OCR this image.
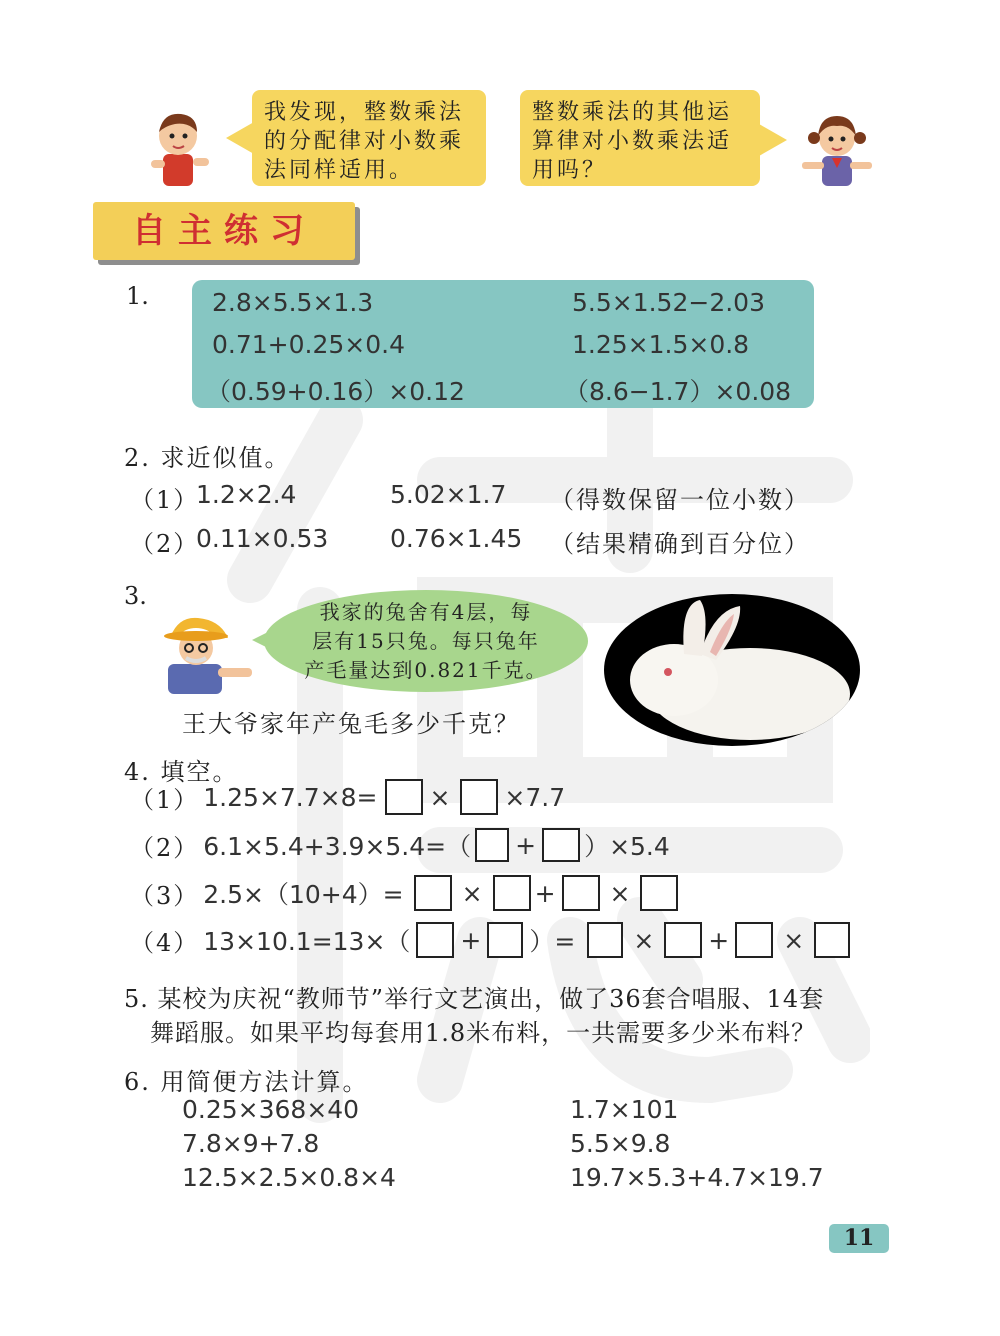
我发现，整数乘法
的分配律对小数乘
法同样适用。
整数乘法的其他运
算律对小数乘法适
用吗？
自主练习
1.	2.8×5.5×1.3	5.5×1.52−2.03
0.71+0.25×0.4	1.25×1.5×0.8
（0.59+0.16）×0.12	（8.6−1.7）×0.08
2. 求近似值。
（1）
1.2×2.4	5.02×1.7 （得数保留一位小数）
（2）
0.11×0.53 0.76×1.45 （结果精确到百分位）
3.
我家的兔舍有4层，每
层有15只兔。每只兔年
产毛量达到0.821千克。
王大爷家年产兔毛多少千克？
4. 填空。
（1） 1.25×7.7×8= × ×7.7
（2） 6.1×5.4+3.9×5.4=（ + ）×5.4
（3） 2.5×（10+4）= × + ×
（4） 13×10.1=13×（ + ）= × + ×
5. 某校为庆祝“教师节”举行文艺演出，做了36套合唱服、14套
舞蹈服。如果平均每套用1.8米布料，一共需要多少米布料？
6. 用简便方法计算。
0.25×368×40	1.7×101
7.8×9+7.8	5.5×9.8
12.5×2.5×0.8×4	19.7×5.3+4.7×19.7
11
